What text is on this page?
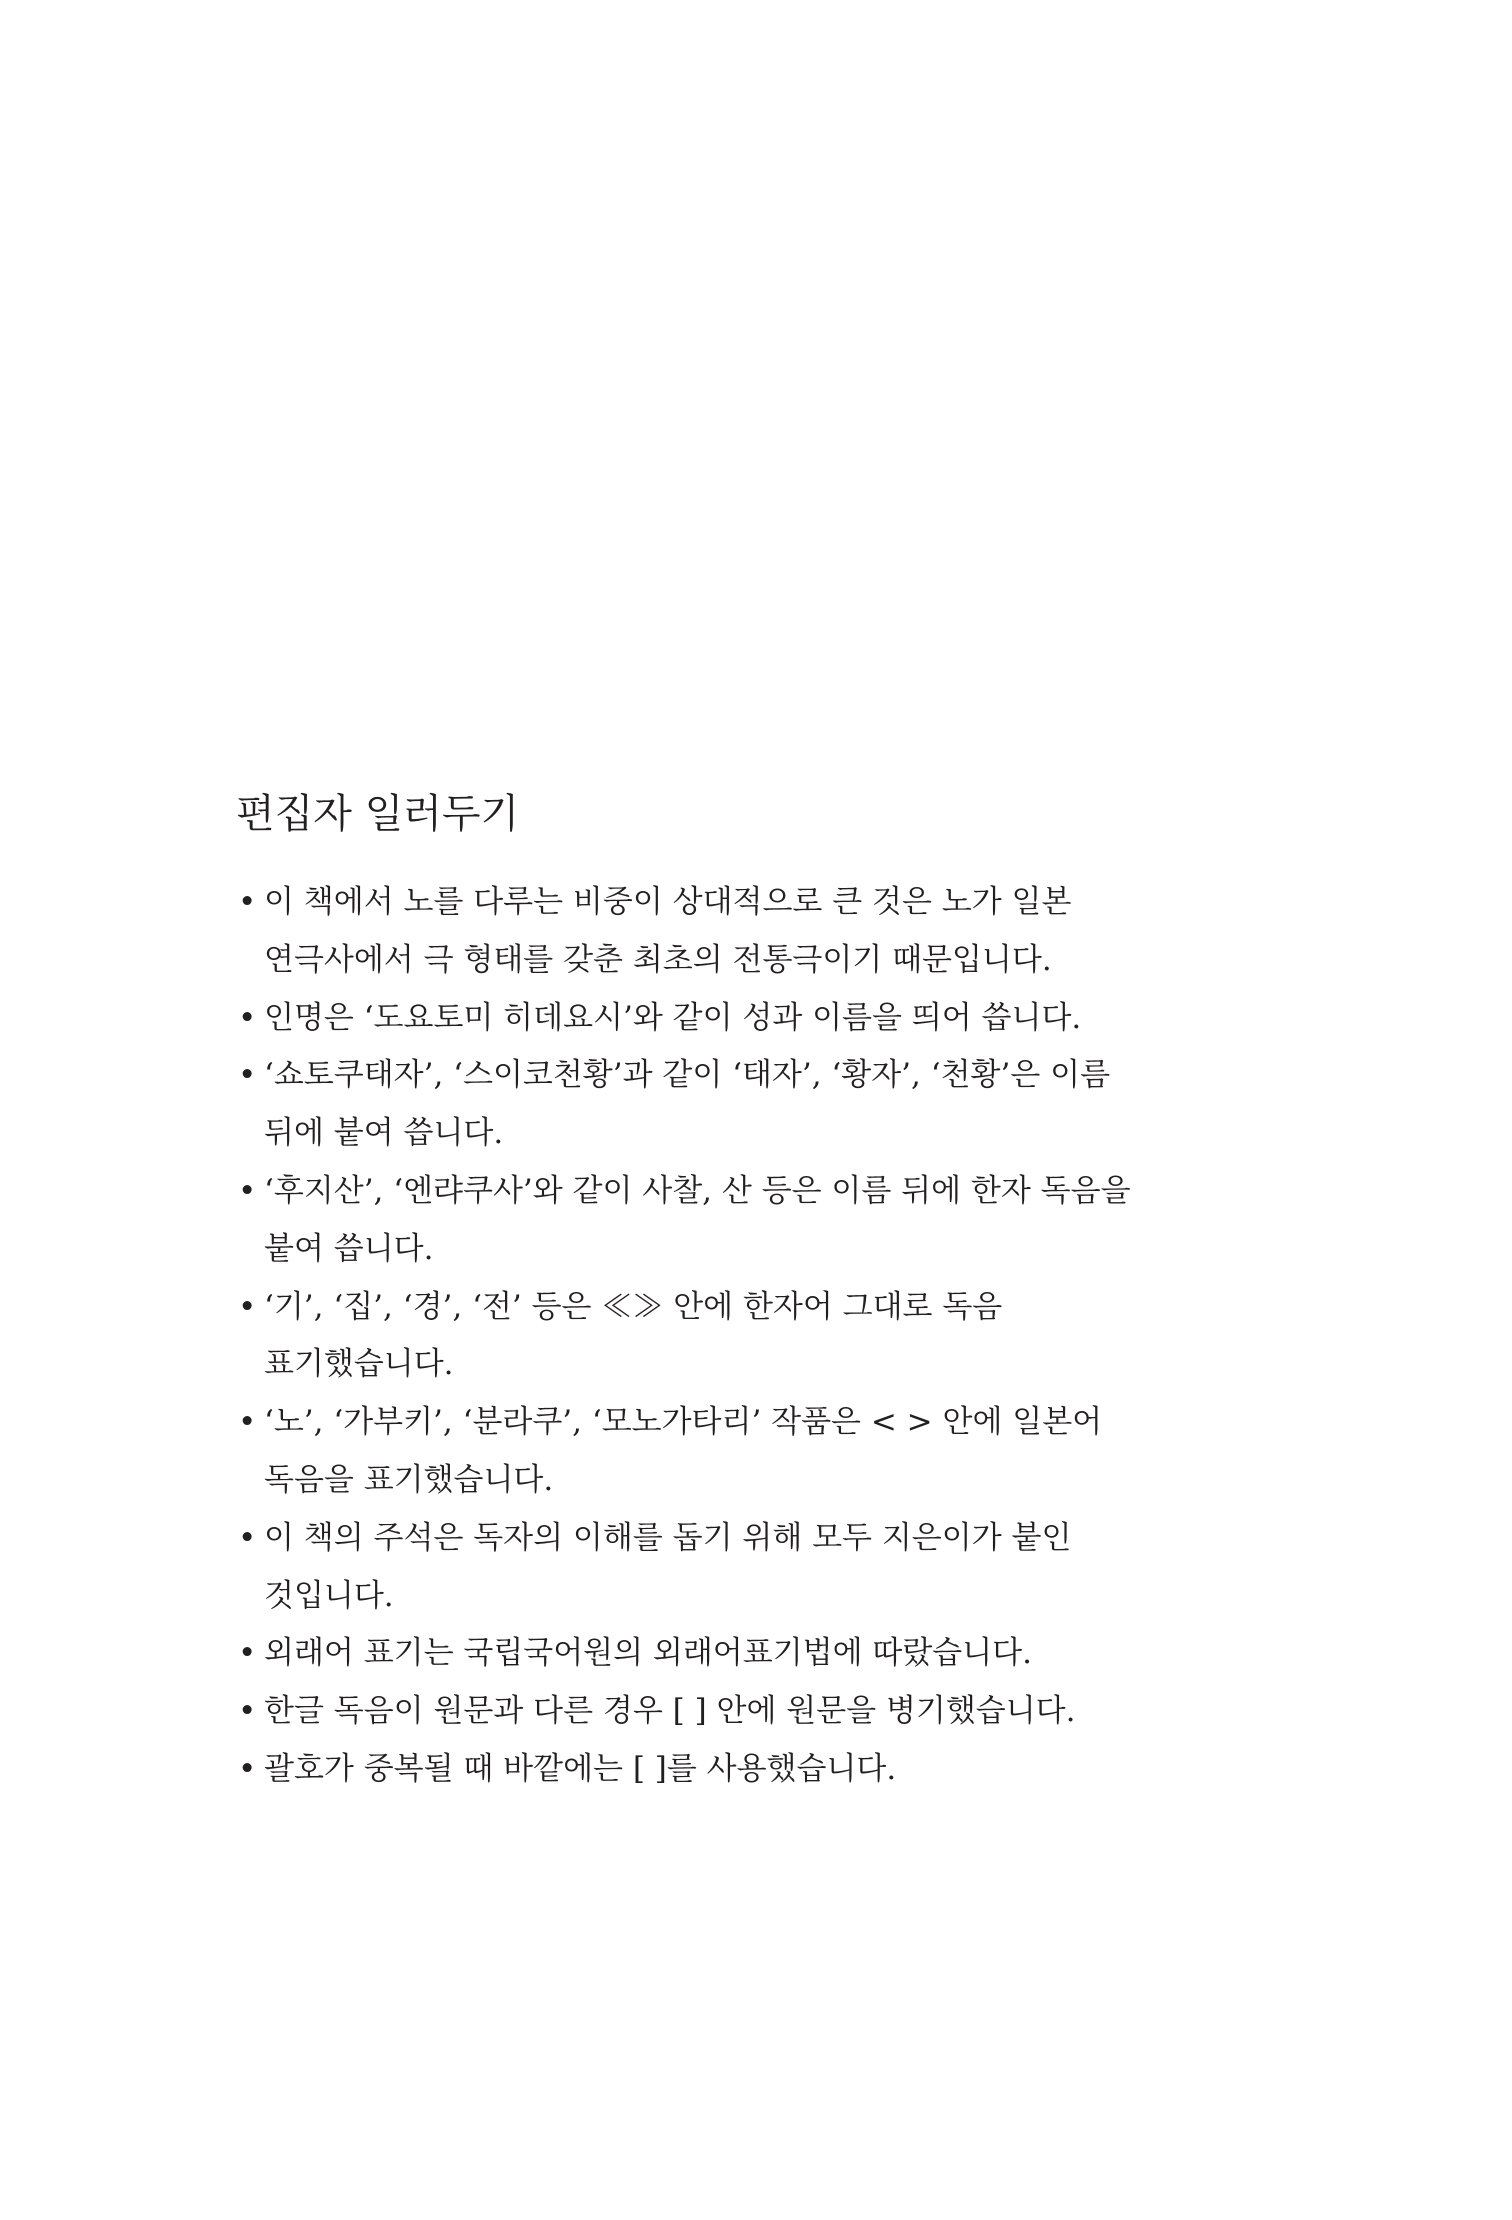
편집자 일러두기
• 이 책에서 노를 다루는 비중이 상대적으로 큰 것은 노가 일본
연극사에서 극 형태를 갖춘 최초의 전통극이기 때문입니다.
• 인명은 ‘도요토미 히데요시’와 같이 성과 이름을 띄어 씁니다.
• ‘쇼토쿠태자’, ‘스이코천황’과 같이 ‘태자’, ‘황자’, ‘천황’은 이름
뒤에 붙여 씁니다.
• ‘후지산’, ‘엔랴쿠사’와 같이 사찰, 산 등은 이름 뒤에 한자 독음을
붙여 씁니다.
• ‘기’, ‘집’, ‘경’, ‘전’ 등은 ≪≫ 안에 한자어 그대로 독음
표기했습니다.
• ‘노’, ‘가부키’, ‘분라쿠’, ‘모노가타리’ 작품은 < > 안에 일본어
독음을 표기했습니다.
• 이 책의 주석은 독자의 이해를 돕기 위해 모두 지은이가 붙인
것입니다.
• 외래어 표기는 국립국어원의 외래어표기법에 따랐습니다.
• 한글 독음이 원문과 다른 경우 [ ] 안에 원문을 병기했습니다.
• 괄호가 중복될 때 바깥에는 [ ]를 사용했습니다.
